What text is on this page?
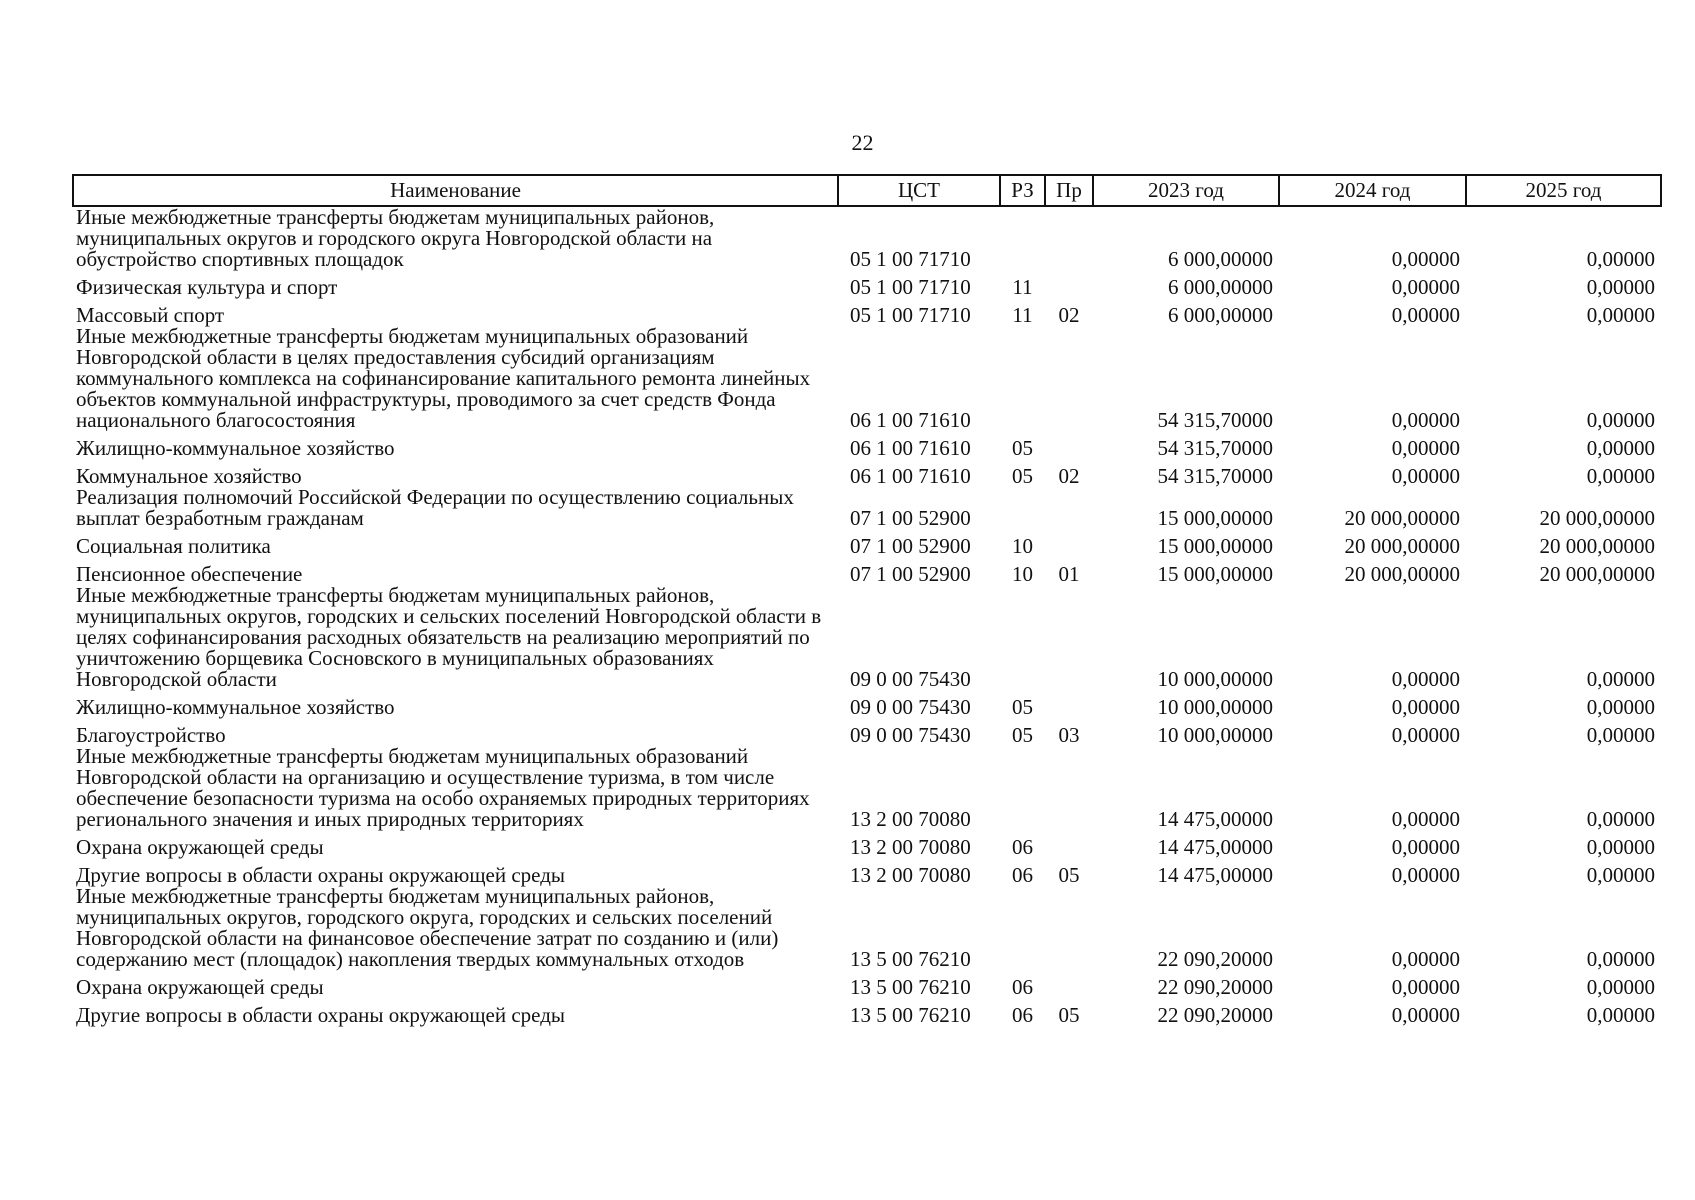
22
Наименование	ЦСТ	РЗ	Пр	2023 год	2024 год	2025 год
Иные межбюджетные трансферты бюджетам муниципальных районов, муниципальных округов и городского округа Новгородской области на обустройство спортивных площадок	05 1 00 71710			6 000,00000	0,00000	0,00000
Физическая культура и спорт	05 1 00 71710	11		6 000,00000	0,00000	0,00000
Массовый спорт	05 1 00 71710	11	02	6 000,00000	0,00000	0,00000
Иные межбюджетные трансферты бюджетам муниципальных образований Новгородской области в целях предоставления субсидий организациям коммунального комплекса на софинансирование капитального ремонта линейных объектов коммунальной инфраструктуры, проводимого за счет средств Фонда национального благосостояния	06 1 00 71610			54 315,70000	0,00000	0,00000
Жилищно-коммунальное хозяйство	06 1 00 71610	05		54 315,70000	0,00000	0,00000
Коммунальное хозяйство	06 1 00 71610	05	02	54 315,70000	0,00000	0,00000
Реализация полномочий Российской Федерации по осуществлению социальных выплат безработным гражданам	07 1 00 52900			15 000,00000	20 000,00000	20 000,00000
Социальная политика	07 1 00 52900	10		15 000,00000	20 000,00000	20 000,00000
Пенсионное обеспечение	07 1 00 52900	10	01	15 000,00000	20 000,00000	20 000,00000
Иные межбюджетные трансферты бюджетам муниципальных районов, муниципальных округов, городских и сельских поселений Новгородской области в целях софинансирования расходных обязательств на реализацию мероприятий по уничтожению борщевика Сосновского в муниципальных образованиях Новгородской области	09 0 00 75430			10 000,00000	0,00000	0,00000
Жилищно-коммунальное хозяйство	09 0 00 75430	05		10 000,00000	0,00000	0,00000
Благоустройство	09 0 00 75430	05	03	10 000,00000	0,00000	0,00000
Иные межбюджетные трансферты бюджетам муниципальных образований Новгородской области на организацию и осуществление туризма, в том числе обеспечение безопасности туризма на особо охраняемых природных территориях регионального значения и иных природных территориях	13 2 00 70080			14 475,00000	0,00000	0,00000
Охрана окружающей среды	13 2 00 70080	06		14 475,00000	0,00000	0,00000
Другие вопросы в области охраны окружающей среды	13 2 00 70080	06	05	14 475,00000	0,00000	0,00000
Иные межбюджетные трансферты бюджетам муниципальных районов, муниципальных округов, городского округа, городских и сельских поселений Новгородской области на финансовое обеспечение затрат по созданию и (или) содержанию мест (площадок) накопления твердых коммунальных отходов	13 5 00 76210			22 090,20000	0,00000	0,00000
Охрана окружающей среды	13 5 00 76210	06		22 090,20000	0,00000	0,00000
Другие вопросы в области охраны окружающей среды	13 5 00 76210	06	05	22 090,20000	0,00000	0,00000
